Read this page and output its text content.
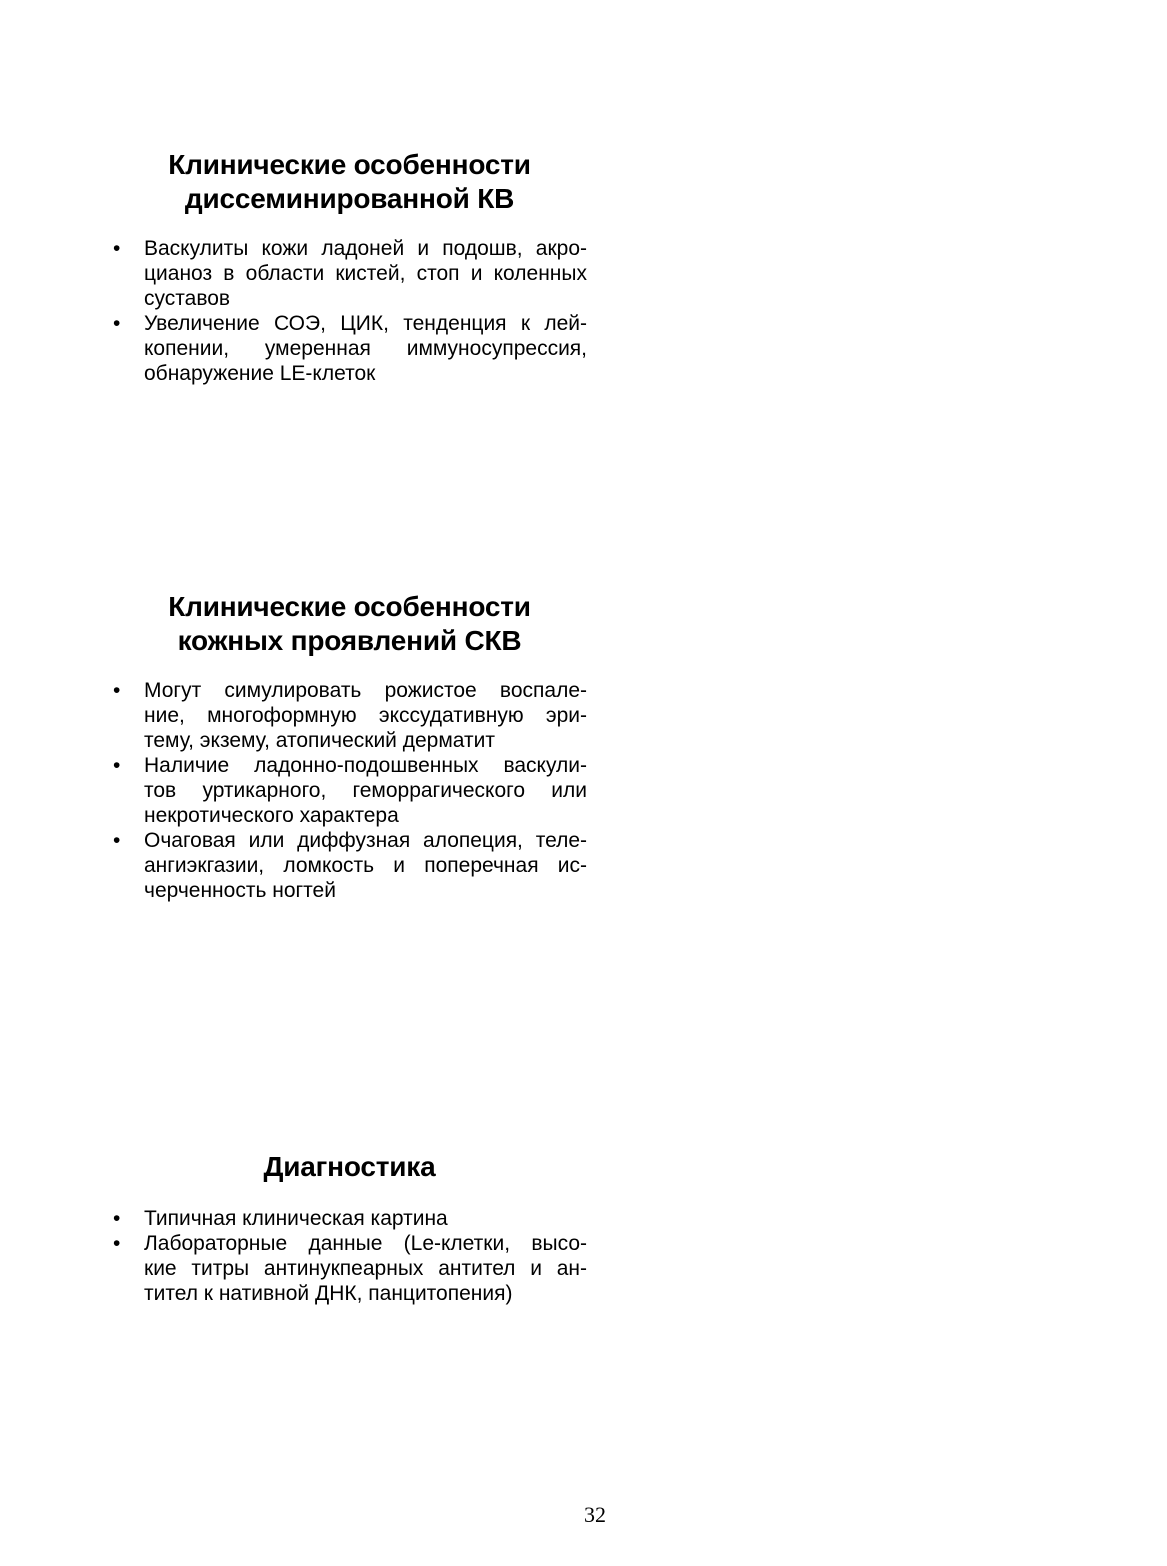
Клинические особенности
диссеминированной КВ
•	Васкулиты кожи ладоней и подошв, акро-
цианоз в области кистей, стоп и коленных
суставов
•	Увеличение СОЭ, ЦИК, тенденция к лей-
копении, умеренная иммуносупрессия,
обнаружение LE-клеток
Клинические особенности
кожных проявлений СКВ
•	Могут симулировать рожистое воспале-
ние, многоформную экссудативную эри-
тему, экзему, атопический дерматит
•	Наличие ладонно-подошвенных васкули-
тов уртикарного, геморрагического или
некротического характера
•	Очаговая или диффузная алопеция, теле-
ангиэкгазии, ломкость и поперечная ис-
черченность ногтей
Диагностика
•	Типичная клиническая картина
•	Лабораторные данные (Le-клетки, высо-
кие титры антинукпеарных антител и ан-
тител к нативной ДНК, панцитопения)
32
